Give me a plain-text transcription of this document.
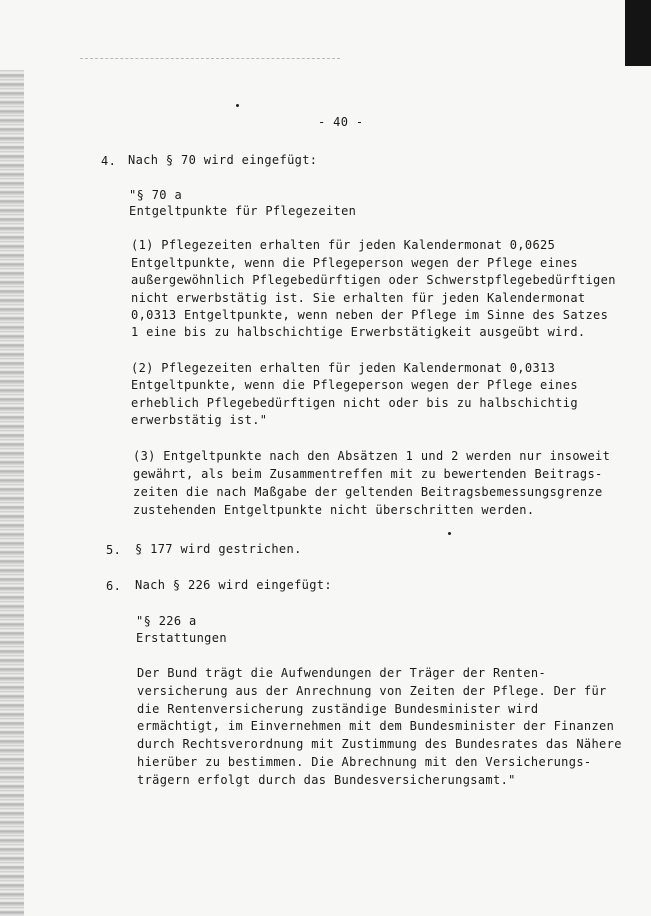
- 40 -
4. Nach § 70 wird eingefügt:
"§ 70 a
Entgeltpunkte für Pflegezeiten
(1) Pflegezeiten erhalten für jeden Kalendermonat 0,0625
Entgeltpunkte, wenn die Pflegeperson wegen der Pflege eines
außergewöhnlich Pflegebedürftigen oder Schwerstpflegebedürftigen
nicht erwerbstätig ist. Sie erhalten für jeden Kalendermonat
0,0313 Entgeltpunkte, wenn neben der Pflege im Sinne des Satzes
1 eine bis zu halbschichtige Erwerbstätigkeit ausgeübt wird.
(2) Pflegezeiten erhalten für jeden Kalendermonat 0,0313
Entgeltpunkte, wenn die Pflegeperson wegen der Pflege eines
erheblich Pflegebedürftigen nicht oder bis zu halbschichtig
erwerbstätig ist."
(3) Entgeltpunkte nach den Absätzen 1 und 2 werden nur insoweit
gewährt, als beim Zusammentreffen mit zu bewertenden Beitrags-
zeiten die nach Maßgabe der geltenden Beitragsbemessungsgrenze
zustehenden Entgeltpunkte nicht überschritten werden.
5. § 177 wird gestrichen.
6. Nach § 226 wird eingefügt:
"§ 226 a
Erstattungen
Der Bund trägt die Aufwendungen der Träger der Renten-
versicherung aus der Anrechnung von Zeiten der Pflege. Der für
die Rentenversicherung zuständige Bundesminister wird
ermächtigt, im Einvernehmen mit dem Bundesminister der Finanzen
durch Rechtsverordnung mit Zustimmung des Bundesrates das Nähere
hierüber zu bestimmen. Die Abrechnung mit den Versicherungs-
trägern erfolgt durch das Bundesversicherungsamt."
